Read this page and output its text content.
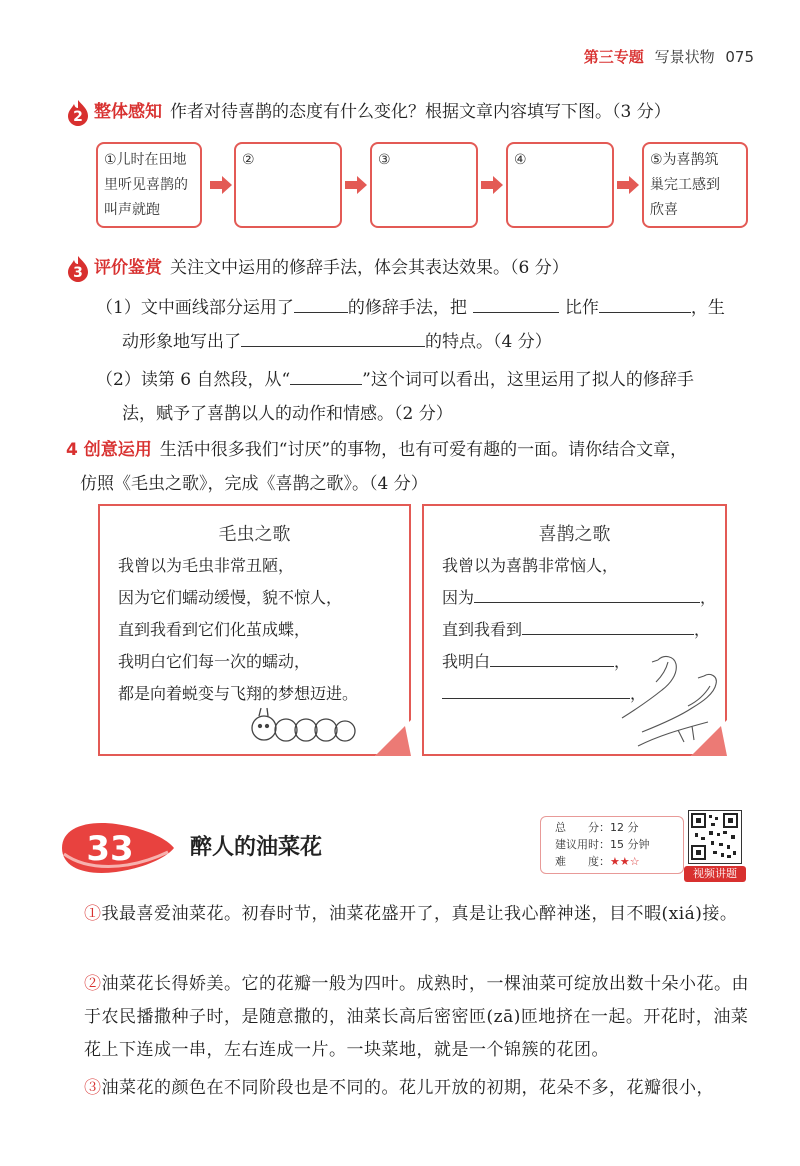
第三专题 写景状物 075
2 整体感知 作者对待喜鹊的态度有什么变化？根据文章内容填写下图。（3 分）
①儿时在田地
里听见喜鹊的
叫声就跑
②	③	④	⑤为喜鹊筑
巢完工感到
欣喜
3 评价鉴赏 关注文中运用的修辞手法，体会其表达效果。（6 分）
（1）文中画线部分运用了	的修辞手法，把	比作	，生
动形象地写出了	的特点。（4 分）
（2）读第 6 自然段，从“	”这个词可以看出，这里运用了拟人的修辞手
法，赋予了喜鹊以人的动作和情感。（2 分）
4 创意运用 生活中很多我们“讨厌”的事物，也有可爱有趣的一面。请你结合文章，
仿照《毛虫之歌》，完成《喜鹊之歌》。（4 分）
毛虫之歌
我曾以为毛虫非常丑陋，
因为它们蠕动缓慢，貌不惊人，
直到我看到它们化茧成蝶，
我明白它们每一次的蠕动，
都是向着蜕变与飞翔的梦想迈进。
喜鹊之歌
我曾以为喜鹊非常恼人，
因为	，
直到我看到	，
我明白	，
，
33	醉人的油菜花
总　　分：12 分
建议用时：15 分钟
难　　度：★★☆
视频讲题
①我最喜爱油菜花。初春时节，油菜花盛开了，真是让我心醉神迷，目不暇(xiá)接。
②油菜花长得娇美。它的花瓣一般为四叶。成熟时，一棵油菜可绽放出数十朵小花。由于农民播撒种子时，是随意撒的，油菜长高后密密匝(zā)匝地挤在一起。开花时，油菜花上下连成一串，左右连成一片。一块菜地，就是一个锦簇的花团。
③油菜花的颜色在不同阶段也是不同的。花儿开放的初期，花朵不多，花瓣很小，
